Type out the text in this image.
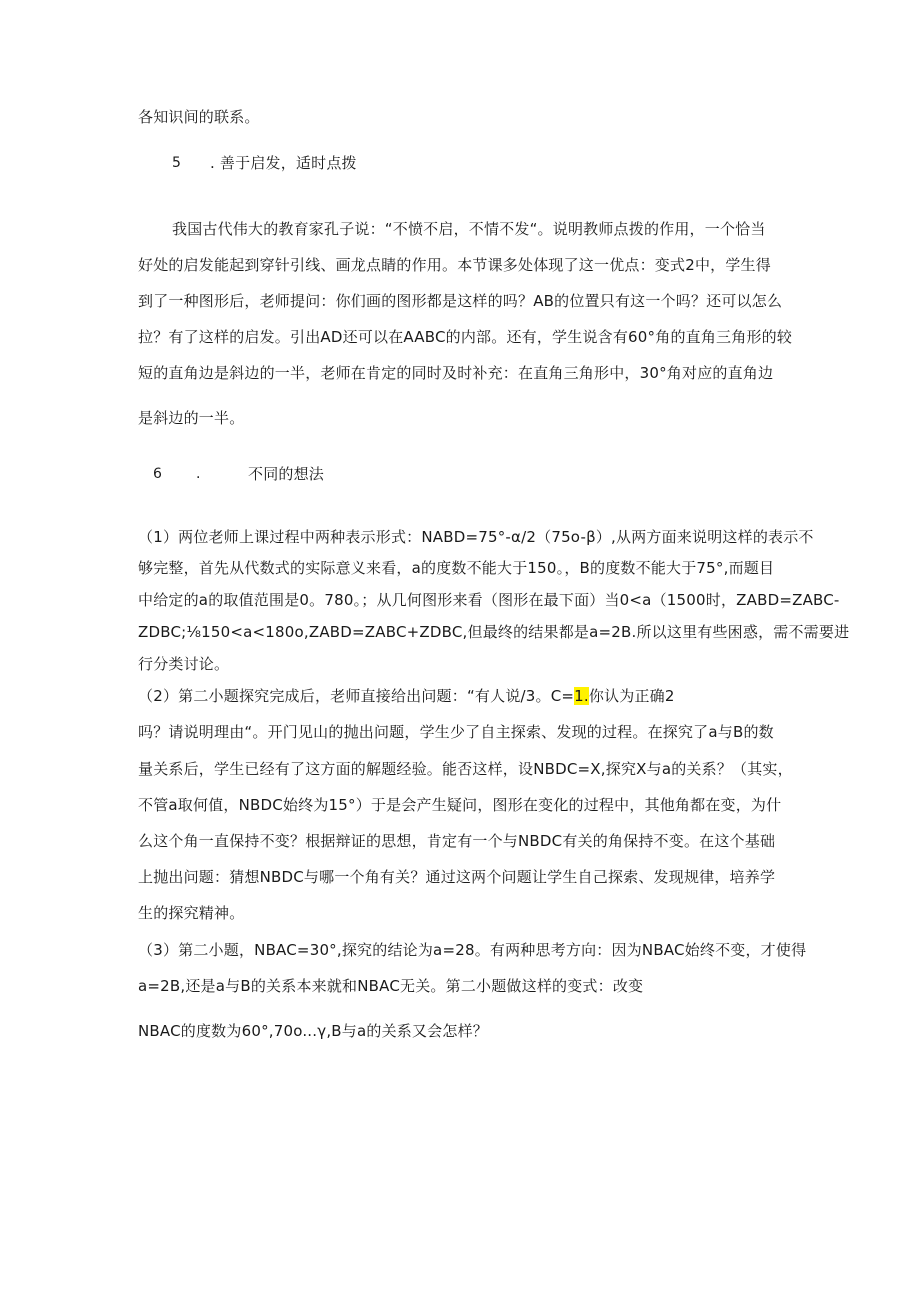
各知识间的联系。
5 . 善于启发，适时点拨
我国古代伟大的教育家孔子说：“不愤不启，不情不发“。说明教师点拨的作用，一个恰当
好处的启发能起到穿针引线、画龙点睛的作用。本节课多处体现了这一优点：变式2中，学生得
到了一种图形后，老师提问：你们画的图形都是这样的吗？AB的位置只有这一个吗？还可以怎么
拉？有了这样的启发。引出AD还可以在AABC的内部。还有，学生说含有60°角的直角三角形的较
短的直角边是斜边的一半，老师在肯定的同时及时补充：在直角三角形中，30°角对应的直角边
是斜边的一半。
6 .	不同的想法
（1）两位老师上课过程中两种表示形式：NABD=75°-α/2（75o-β）,从两方面来说明这样的表示不
够完整，首先从代数式的实际意义来看，a的度数不能大于150。，B的度数不能大于75°,而题目
中给定的a的取值范围是0。780。；从几何图形来看（图形在最下面）当0<a（1500时，ZABD=ZABC-
ZDBC;⅛150<a<180o,ZABD=ZABC+ZDBC,但最终的结果都是a=2B.所以这里有些困惑，需不需要进
行分类讨论。
（2）第二小题探究完成后，老师直接给出问题：“有人说/3。C=1.你认为正确2
吗？请说明理由“。开门见山的抛出问题，学生少了自主探索、发现的过程。在探究了a与B的数
量关系后，学生已经有了这方面的解题经验。能否这样，设NBDC=X,探究X与a的关系？（其实，
不管a取何值，NBDC始终为15°）于是会产生疑问，图形在变化的过程中，其他角都在变，为什
么这个角一直保持不变？根据辩证的思想，肯定有一个与NBDC有关的角保持不变。在这个基础
上抛出问题：猜想NBDC与哪一个角有关？通过这两个问题让学生自己探索、发现规律，培养学
生的探究精神。
（3）第二小题，NBAC=30°,探究的结论为a=28。有两种思考方向：因为NBAC始终不变，才使得
a=2B,还是a与B的关系本来就和NBAC无关。第二小题做这样的变式：改变
NBAC的度数为60°,70o...γ,B与a的关系又会怎样？
